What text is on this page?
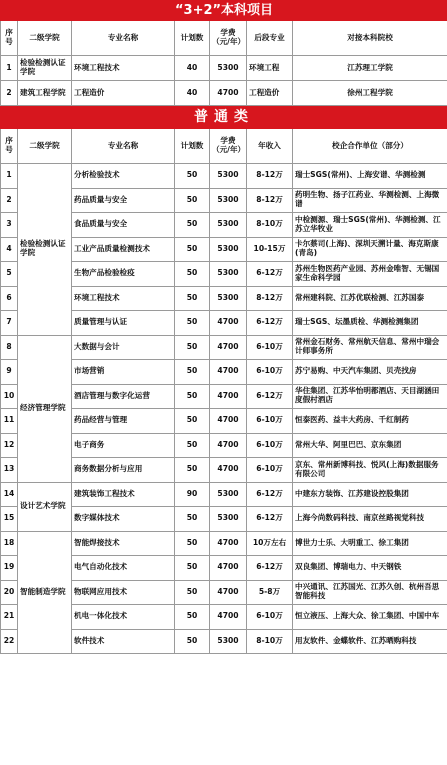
“3+2”本科项目						
序号	二级学院	专业名称	计划数	学费（元/年）	后段专业	对接本科院校
1	检验检测认证学院	环境工程技术	40	5300	环境工程	江苏理工学院
2	建筑工程学院	工程造价	40	4700	工程造价	徐州工程学院
普通类						
序号	二级学院	专业名称	计划数	学费（元/年）	年收入	校企合作单位（部分）
1	检验检测认证学院	分析检验技术	50	5300	8-12万	瑞士SGS(常州)、上海安谱、华测检测
2		药品质量与安全	50	5300	8-12万	药明生物、扬子江药业、华测检测、上海微谱
3		食品质量与安全	50	5300	8-10万	中检测源、瑞士SGS(常州)、华测检测、江苏立华牧业
4		工业产品质量检测技术	50	5300	10-15万	卡尔蔡司(上海)、深圳天溯计量、海克斯康(青岛)
5		生物产品检验检疫	50	5300	6-12万	苏州生物医药产业园、苏州金唯智、无锡国家生命科学园
6		环境工程技术	50	5300	8-12万	常州建科院、江苏优联检测、江苏国泰
7		质量管理与认证	50	4700	6-12万	瑞士SGS、坛墨质检、华测检测集团
8	经济管理学院	大数据与会计	50	4700	6-10万	常州金石财务、常州航天信息、常州中瑞会计师事务所
9		市场营销	50	4700	6-10万	苏宁易购、中天汽车集团、贝壳找房
10		酒店管理与数字化运营	50	4700	6-12万	华住集团、江苏华怡明都酒店、天目湖涵田度假村酒店
11		药品经营与管理	50	4700	6-10万	恒泰医药、益丰大药房、千红制药
12		电子商务	50	4700	6-10万	常州大华、阿里巴巴、京东集团
13		商务数据分析与应用	50	4700	6-10万	京东、常州新博科技、悦风(上海)数据服务有限公司
14	设计艺术学院	建筑装饰工程技术	90	5300	6-12万	中建东方装饰、江苏建设控股集团
15		数字媒体技术	50	5300	6-12万	上海今尚数码科技、南京丝路视觉科技
18	智能制造学院	智能焊接技术	50	4700	10万左右	博世力士乐、大明重工、徐工集团
19		电气自动化技术	50	4700	6-12万	双良集团、博瑞电力、中天钢铁
20		物联网应用技术	50	4700	5-8万	中兴通讯、江苏国光、江苏久创、杭州吾思智能科技
21		机电一体化技术	50	4700	6-10万	恒立液压、上海大众、徐工集团、中国中车
22		软件技术	50	5300	8-10万	用友软件、金蝶软件、江苏晒购科技
